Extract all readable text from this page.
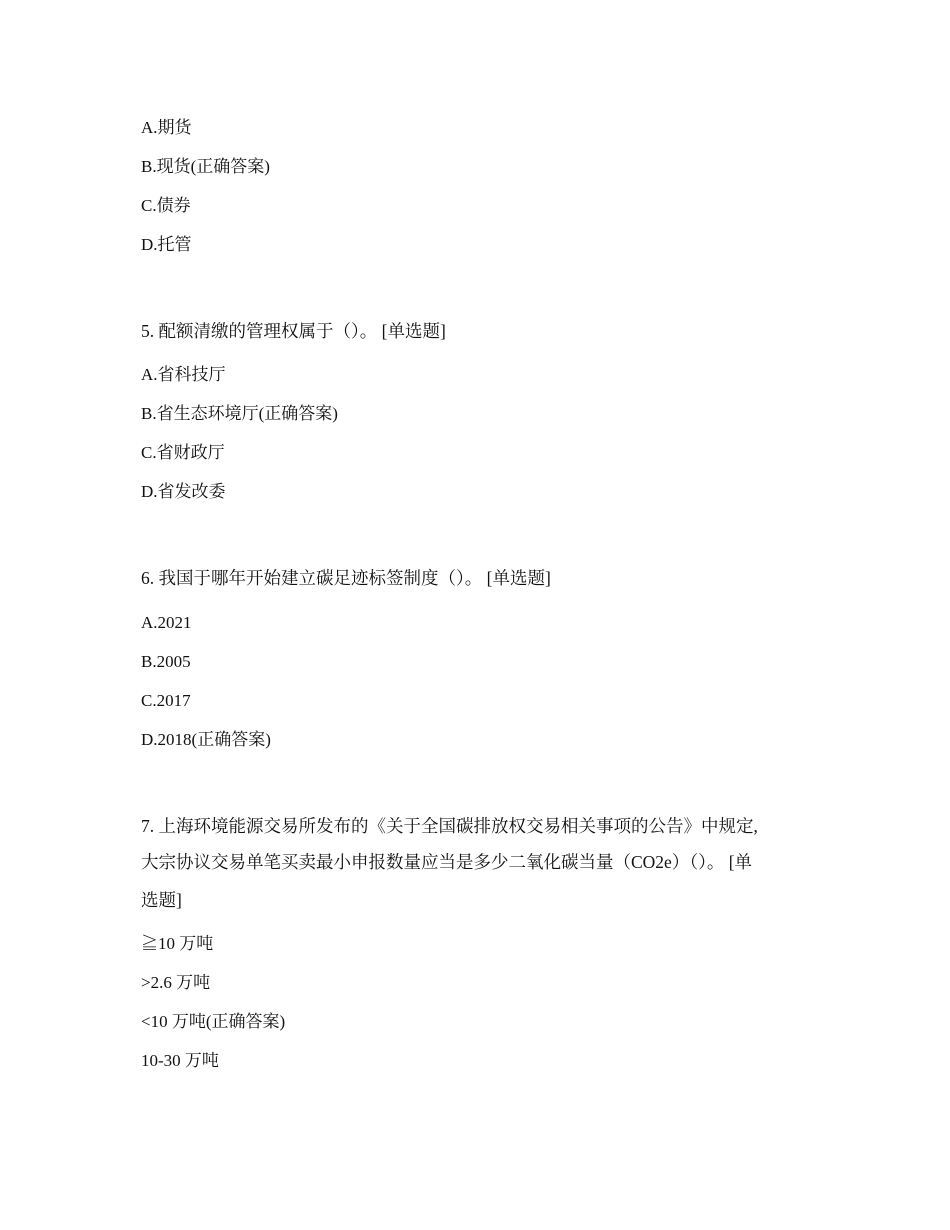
A.期货
B.现货(正确答案)
C.债券
D.托管
5. 配额清缴的管理权属于（）。 [单选题]
A.省科技厅
B.省生态环境厅(正确答案)
C.省财政厅
D.省发改委
6. 我国于哪年开始建立碳足迹标签制度（）。 [单选题]
A.2021
B.2005
C.2017
D.2018(正确答案)
7. 上海环境能源交易所发布的《关于全国碳排放权交易相关事项的公告》中规定,
大宗协议交易单笔买卖最小申报数量应当是多少二氧化碳当量（CO2e）（）。 [单
选题]
≧10 万吨
>2.6 万吨
<10 万吨(正确答案)
10-30 万吨
